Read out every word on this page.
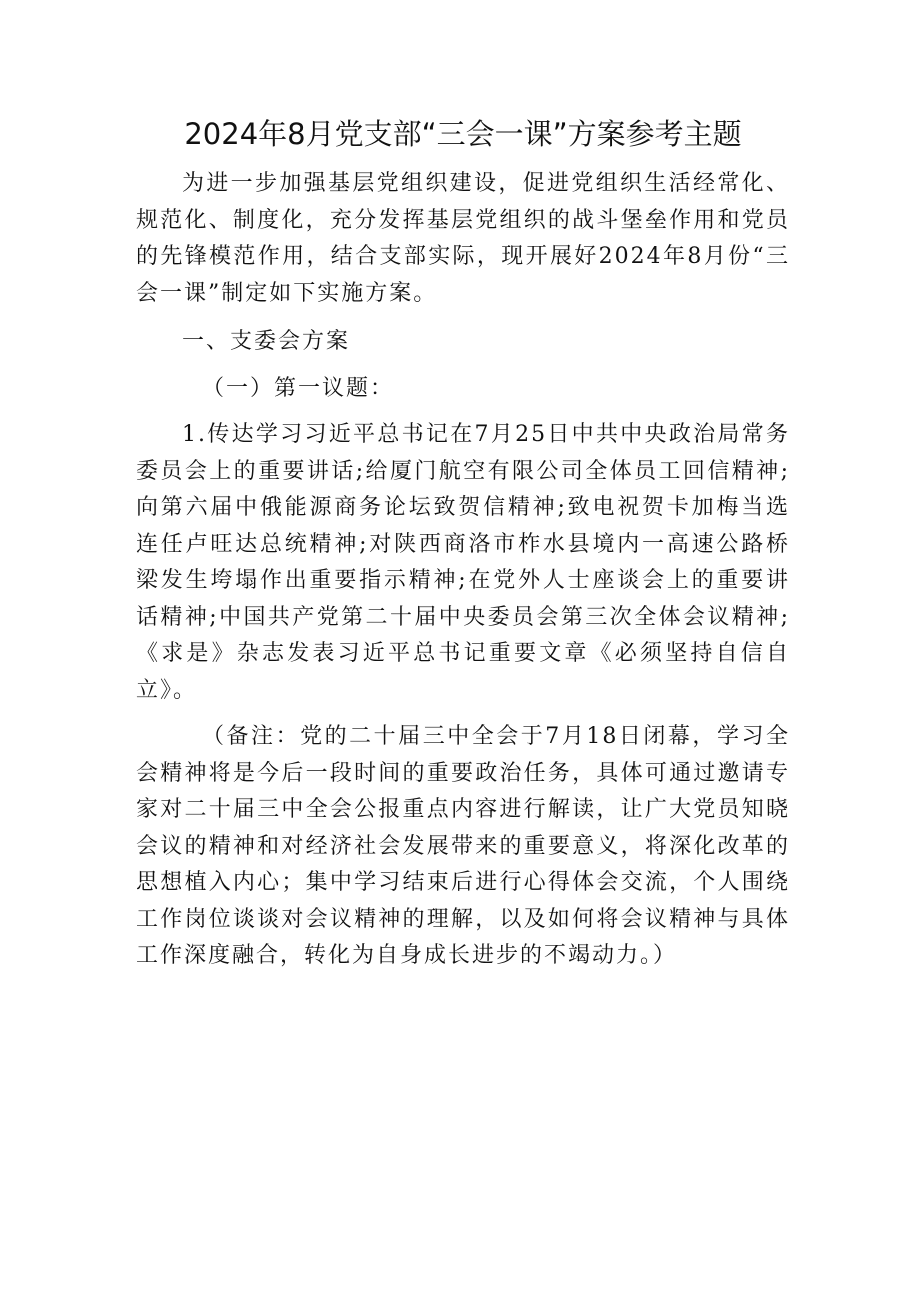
2024年8月党支部“三会一课”方案参考主题

为进一步加强基层党组织建设，促进党组织生活经常化、规范化、制度化，充分发挥基层党组织的战斗堡垒作用和党员的先锋模范作用，结合支部实际，现开展好2024年8月份“三会一课”制定如下实施方案。

一、支委会方案

（一）第一议题：

1.传达学习习近平总书记在7月25日中共中央政治局常务委员会上的重要讲话;给厦门航空有限公司全体员工回信精神;向第六届中俄能源商务论坛致贺信精神;致电祝贺卡加梅当选连任卢旺达总统精神;对陕西商洛市柞水县境内一高速公路桥梁发生垮塌作出重要指示精神;在党外人士座谈会上的重要讲话精神;中国共产党第二十届中央委员会第三次全体会议精神;《求是》杂志发表习近平总书记重要文章《必须坚持自信自立》。

（备注：党的二十届三中全会于7月18日闭幕，学习全会精神将是今后一段时间的重要政治任务，具体可通过邀请专家对二十届三中全会公报重点内容进行解读，让广大党员知晓会议的精神和对经济社会发展带来的重要意义，将深化改革的思想植入内心；集中学习结束后进行心得体会交流，个人围绕工作岗位谈谈对会议精神的理解，以及如何将会议精神与具体工作深度融合，转化为自身成长进步的不竭动力。）
